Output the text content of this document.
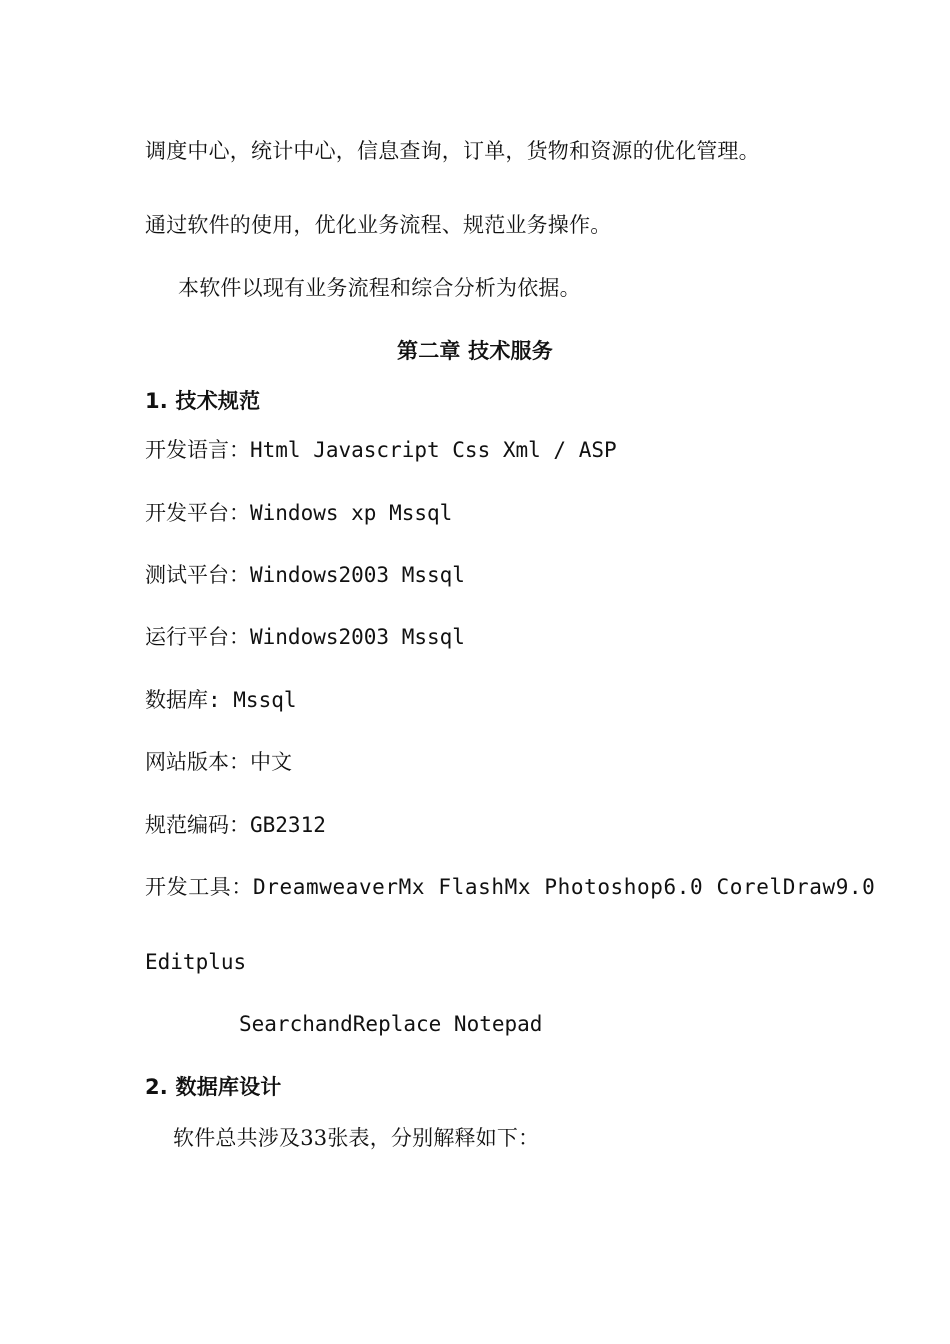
调度中心，统计中心，信息查询，订单，货物和资源的优化管理。
通过软件的使用，优化业务流程、规范业务操作。
本软件以现有业务流程和综合分析为依据。
第二章 技术服务
1. 技术规范
开发语言：Html Javascript Css Xml / ASP
开发平台：Windows xp Mssql
测试平台：Windows2003 Mssql
运行平台：Windows2003 Mssql
数据库: Mssql
网站版本：中文
规范编码：GB2312
开发工具：DreamweaverMx FlashMx Photoshop6.0 CorelDraw9.0
Editplus
SearchandReplace Notepad
2. 数据库设计
软件总共涉及33张表，分别解释如下：
